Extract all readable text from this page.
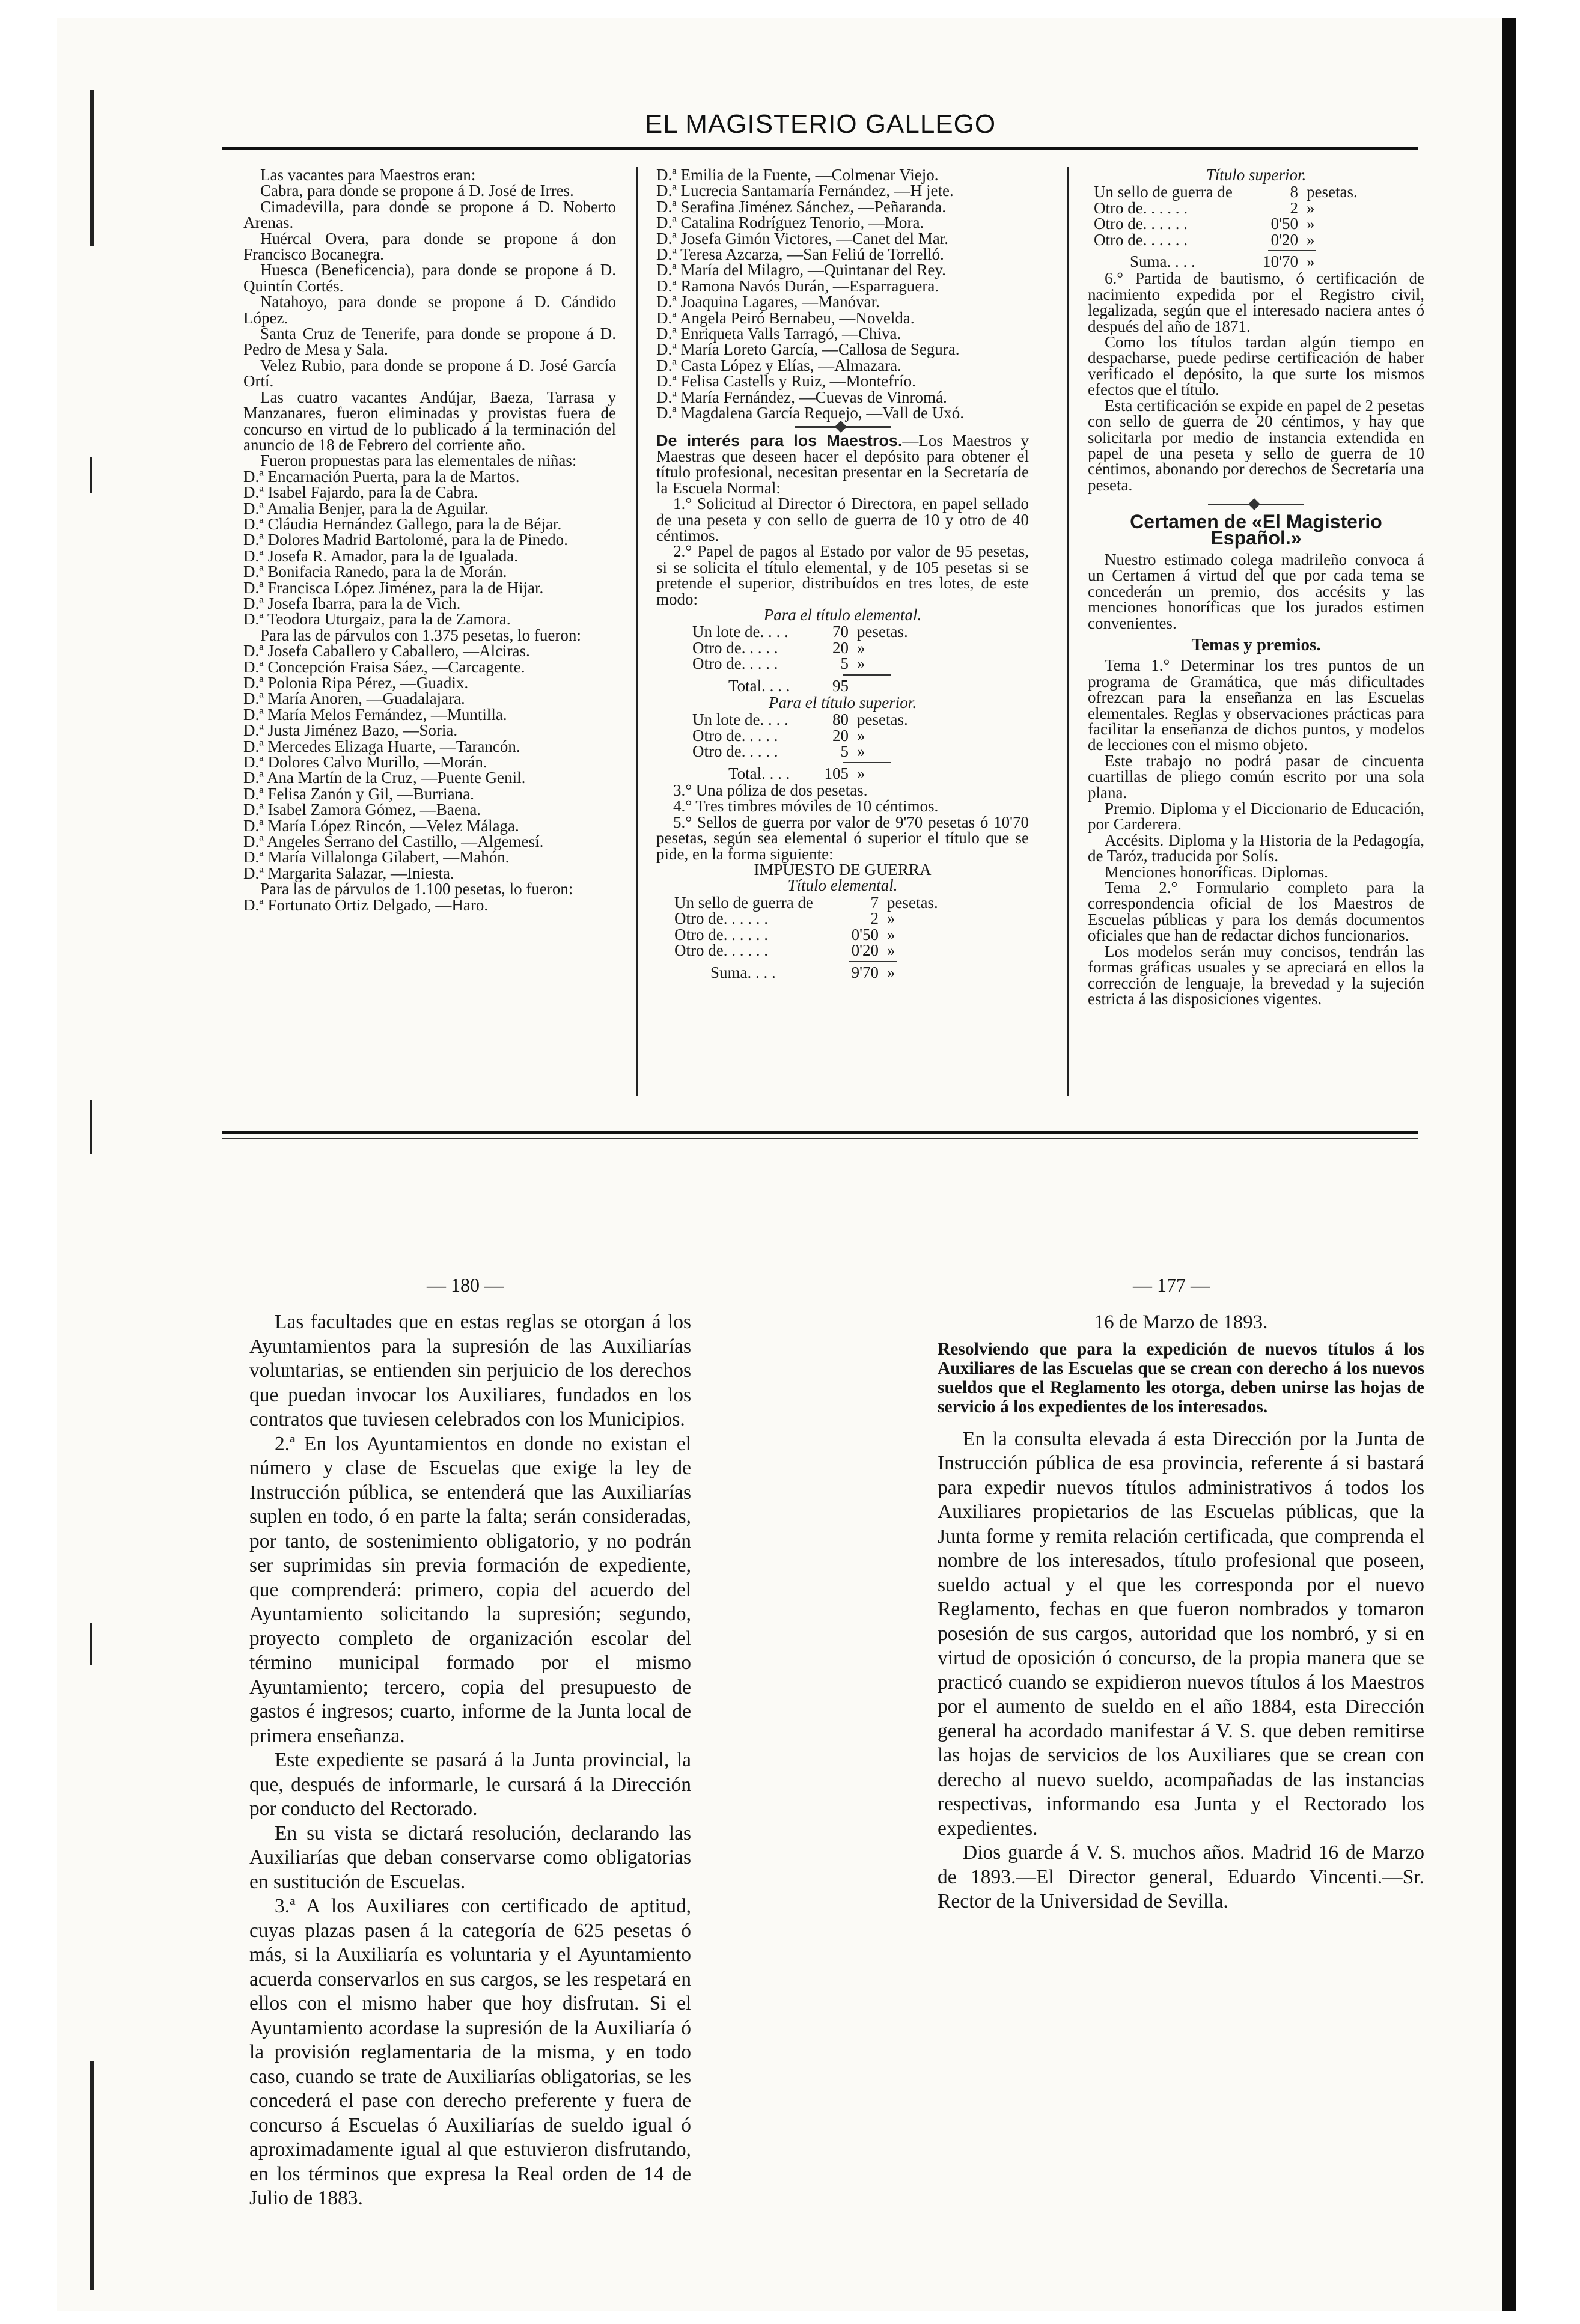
EL MAGISTERIO GALLEGO

Las vacantes para Maestros eran:

Cabra, para donde se propone á D. José de Irres.

Cimadevilla, para donde se propone á D. Noberto Arenas.

Huércal Overa, para donde se propone á don Francisco Bocanegra.

Huesca (Beneficencia), para donde se propone á D. Quintín Cortés.

Natahoyo, para donde se propone á D. Cándido López.

Santa Cruz de Tenerife, para donde se propone á D. Pedro de Mesa y Sala.

Velez Rubio, para donde se propone á D. José García Ortí.

Las cuatro vacantes Andújar, Baeza, Tarrasa y Manzanares, fueron eliminadas y provistas fuera de concurso en virtud de lo publicado á la terminación del anuncio de 18 de Febrero del corriente año.

Fueron propuestas para las elementales de niñas:

D.ª Encarnación Puerta, para la de Martos.

D.ª Isabel Fajardo, para la de Cabra.

D.ª Amalia Benjer, para la de Aguilar.

D.ª Cláudia Hernández Gallego, para la de Béjar.

D.ª Dolores Madrid Bartolomé, para la de Pinedo.

D.ª Josefa R. Amador, para la de Igualada.

D.ª Bonifacia Ranedo, para la de Morán.

D.ª Francisca López Jiménez, para la de Hijar.

D.ª Josefa Ibarra, para la de Vich.

D.ª Teodora Uturgaiz, para la de Zamora.

Para las de párvulos con 1.375 pesetas, lo fueron:

D.ª Josefa Caballero y Caballero, —Alciras.

D.ª Concepción Fraisa Sáez, —Carcagente.

D.ª Polonia Ripa Pérez, —Guadix.

D.ª María Anoren, —Guadalajara.

D.ª María Melos Fernández, —Muntilla.

D.ª Justa Jiménez Bazo, —Soria.

D.ª Mercedes Elizaga Huarte, —Tarancón.

D.ª Dolores Calvo Murillo, —Morán.

D.ª Ana Martín de la Cruz, —Puente Genil.

D.ª Felisa Zanón y Gil, —Burriana.

D.ª Isabel Zamora Gómez, —Baena.

D.ª María López Rincón, —Velez Málaga.

D.ª Angeles Serrano del Castillo, —Algemesí.

D.ª María Villalonga Gilabert, —Mahón.

D.ª Margarita Salazar, —Iniesta.

Para las de párvulos de 1.100 pesetas, lo fueron:

D.ª Fortunato Ortiz Delgado, —Haro.

D.ª Emilia de la Fuente, —Colmenar Viejo.

D.ª Lucrecia Santamaría Fernández, —H jete.

D.ª Serafina Jiménez Sánchez, —Peñaranda.

D.ª Catalina Rodríguez Tenorio, —Mora.

D.ª Josefa Gimón Victores, —Canet del Mar.

D.ª Teresa Azcarza, —San Feliú de Torrelló.

D.ª María del Milagro, —Quintanar del Rey.

D.ª Ramona Navós Durán, —Esparraguera.

D.ª Joaquina Lagares, —Manóvar.

D.ª Angela Peiró Bernabeu, —Novelda.

D.ª Enriqueta Valls Tarragó, —Chiva.

D.ª María Loreto García, —Callosa de Segura.

D.ª Casta López y Elías, —Almazara.

D.ª Felisa Castells y Ruiz, —Montefrío.

D.ª María Fernández, —Cuevas de Vinromá.

D.ª Magdalena García Requejo, —Vall de Uxó.

De interés para los Maestros.—Los Maestros y Maestras que deseen hacer el depósito para obtener el título profesional, necesitan presentar en la Secretaría de la Escuela Normal:

1.° Solicitud al Director ó Directora, en papel sellado de una peseta y con sello de guerra de 10 y otro de 40 céntimos.

2.° Papel de pagos al Estado por valor de 95 pesetas, si se solicita el título elemental, y de 105 pesetas si se pretende el superior, distribuídos en tres lotes, de este modo:

Para el título elemental.

Un lote de. . . .	70 pesetas.
Otro de. . . . .	20 »
Otro de. . . . .	5 »
Total. . . .	95

Para el título superior.

Un lote de. . . .	80 pesetas.
Otro de. . . . .	20 »
Otro de. . . . .	5 »
Total. . . .	105 »

3.° Una póliza de dos pesetas.

4.° Tres timbres móviles de 10 céntimos.

5.° Sellos de guerra por valor de 9'70 pesetas ó 10'70 pesetas, según sea elemental ó superior el título que se pide, en la forma siguiente:

IMPUESTO DE GUERRA

Título elemental.

Un sello de guerra de	7 pesetas.
Otro de. . . . . .	2 »
Otro de. . . . . .	0'50 »
Otro de. . . . . .	0'20 »
Suma. . . .	9'70 »

Título superior.

Un sello de guerra de	8 pesetas.
Otro de. . . . . .	2 »
Otro de. . . . . .	0'50 »
Otro de. . . . . .	0'20 »
Suma. . . .	10'70 »

6.° Partida de bautismo, ó certificación de nacimiento expedida por el Registro civil, legalizada, según que el interesado naciera antes ó después del año de 1871.

Como los títulos tardan algún tiempo en despacharse, puede pedirse certificación de haber verificado el depósito, la que surte los mismos efectos que el título.

Esta certificación se expide en papel de 2 pesetas con sello de guerra de 20 céntimos, y hay que solicitarla por medio de instancia extendida en papel de una peseta y sello de guerra de 10 céntimos, abonando por derechos de Secretaría una peseta.

Certamen de «El Magisterio Español.»

Nuestro estimado colega madrileño convoca á un Certamen á virtud del que por cada tema se concederán un premio, dos accésits y las menciones honoríficas que los jurados estimen convenientes.

Temas y premios.

Tema 1.° Determinar los tres puntos de un programa de Gramática, que más dificultades ofrezcan para la enseñanza en las Escuelas elementales. Reglas y observaciones prácticas para facilitar la enseñanza de dichos puntos, y modelos de lecciones con el mismo objeto.

Este trabajo no podrá pasar de cincuenta cuartillas de pliego común escrito por una sola plana.

Premio. Diploma y el Diccionario de Educación, por Carderera.

Accésits. Diploma y la Historia de la Pedagogía, de Taróz, traducida por Solís.

Menciones honoríficas. Diplomas.

Tema 2.° Formulario completo para la correspondencia oficial de los Maestros de Escuelas públicas y para los demás documentos oficiales que han de redactar dichos funcionarios.

Los modelos serán muy concisos, tendrán las formas gráficas usuales y se apreciará en ellos la corrección de lenguaje, la brevedad y la sujeción estricta á las disposiciones vigentes.

— 180 —	— 177 —

Las facultades que en estas reglas se otorgan á los Ayuntamientos para la supresión de las Auxiliarías voluntarias, se entienden sin perjuicio de los derechos que puedan invocar los Auxiliares, fundados en los contratos que tuviesen celebrados con los Municipios.

2.ª En los Ayuntamientos en donde no existan el número y clase de Escuelas que exige la ley de Instrucción pública, se entenderá que las Auxiliarías suplen en todo, ó en parte la falta; serán consideradas, por tanto, de sostenimiento obligatorio, y no podrán ser suprimidas sin previa formación de expediente, que comprenderá: primero, copia del acuerdo del Ayuntamiento solicitando la supresión; segundo, proyecto completo de organización escolar del término municipal formado por el mismo Ayuntamiento; tercero, copia del presupuesto de gastos é ingresos; cuarto, informe de la Junta local de primera enseñanza.

Este expediente se pasará á la Junta provincial, la que, después de informarle, le cursará á la Dirección por conducto del Rectorado.

En su vista se dictará resolución, declarando las Auxiliarías que deban conservarse como obligatorias en sustitución de Escuelas.

3.ª A los Auxiliares con certificado de aptitud, cuyas plazas pasen á la categoría de 625 pesetas ó más, si la Auxiliaría es voluntaria y el Ayuntamiento acuerda conservarlos en sus cargos, se les respetará en ellos con el mismo haber que hoy disfrutan. Si el Ayuntamiento acordase la supresión de la Auxiliaría ó la provisión reglamentaria de la misma, y en todo caso, cuando se trate de Auxiliarías obligatorias, se les concederá el pase con derecho preferente y fuera de concurso á Escuelas ó Auxiliarías de sueldo igual ó aproximadamente igual al que estuvieron disfrutando, en los términos que expresa la Real orden de 14 de Julio de 1883.

16 de Marzo de 1893.

Resolviendo que para la expedición de nuevos títulos á los Auxiliares de las Escuelas que se crean con derecho á los nuevos sueldos que el Reglamento les otorga, deben unirse las hojas de servicio á los expedientes de los interesados.

En la consulta elevada á esta Dirección por la Junta de Instrucción pública de esa provincia, referente á si bastará para expedir nuevos títulos administrativos á todos los Auxiliares propietarios de las Escuelas públicas, que la Junta forme y remita relación certificada, que comprenda el nombre de los interesados, título profesional que poseen, sueldo actual y el que les corresponda por el nuevo Reglamento, fechas en que fueron nombrados y tomaron posesión de sus cargos, autoridad que los nombró, y si en virtud de oposición ó concurso, de la propia manera que se practicó cuando se expidieron nuevos títulos á los Maestros por el aumento de sueldo en el año 1884, esta Dirección general ha acordado manifestar á V. S. que deben remitirse las hojas de servicios de los Auxiliares que se crean con derecho al nuevo sueldo, acompañadas de las instancias respectivas, informando esa Junta y el Rectorado los expedientes.

Dios guarde á V. S. muchos años. Madrid 16 de Marzo de 1893.—El Director general, Eduardo Vincenti.—Sr. Rector de la Universidad de Sevilla.
